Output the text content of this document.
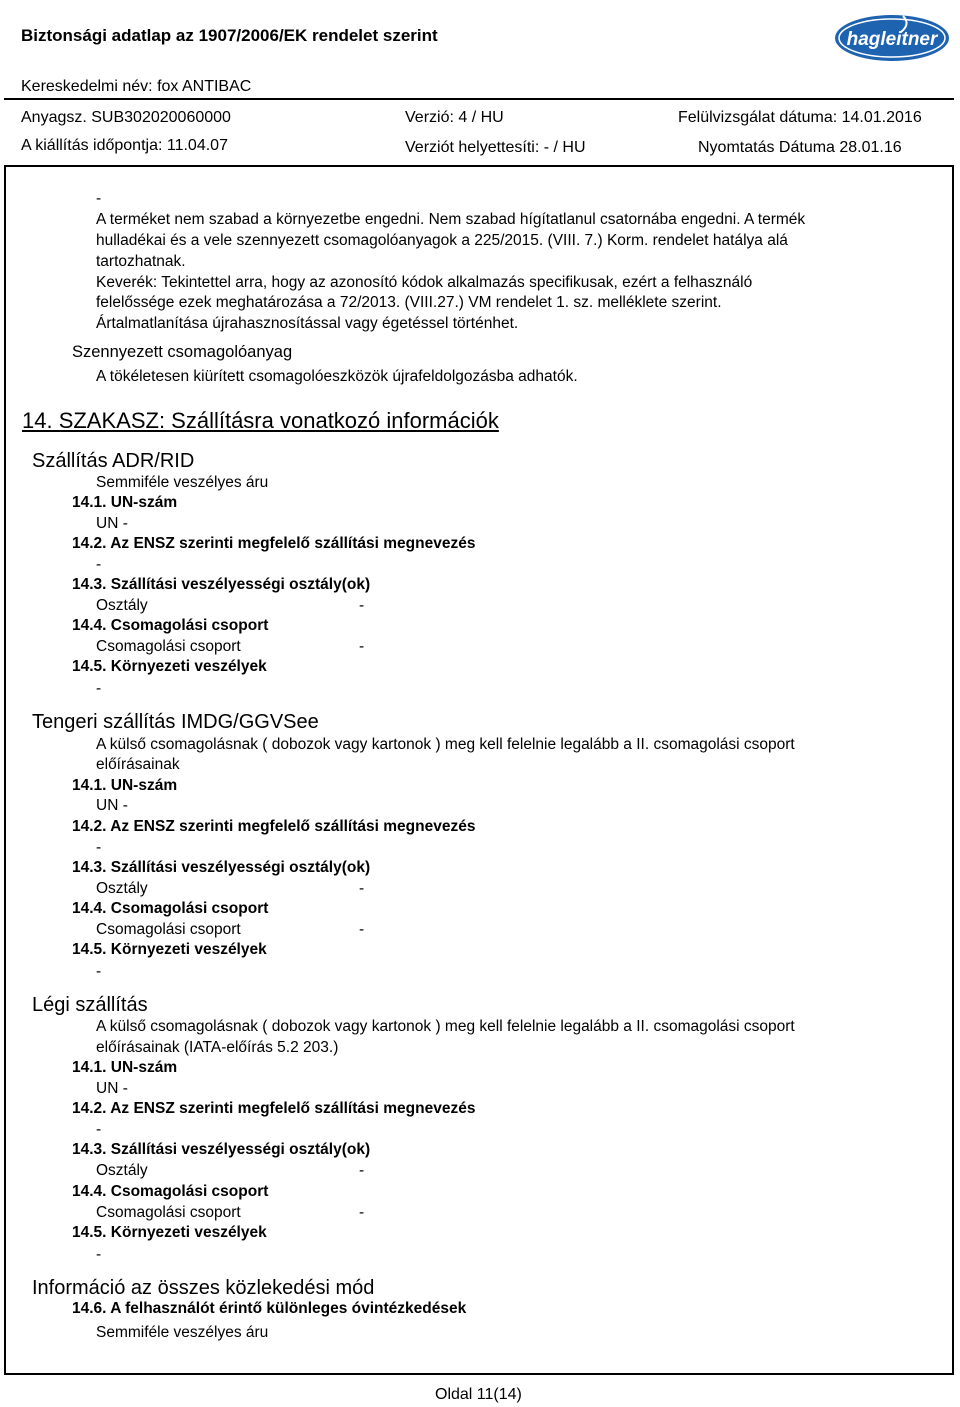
Biztonsági adatlap az 1907/2006/EK rendelet szerint	hagleitner
Kereskedelmi név: fox ANTIBAC
Anyagsz. SUB302020060000
A kiállítás időpontja: 11.04.07
Verzió: 4 / HU
Verziót helyettesíti: - / HU
Felülvizsgálat dátuma: 14.01.2016
Nyomtatás Dátuma 28.01.16
-
A terméket nem szabad a környezetbe engedni. Nem szabad hígítatlanul csatornába engedni. A termék
hulladékai és a vele szennyezett csomagolóanyagok a 225/2015. (VIII. 7.) Korm. rendelet hatálya alá
tartozhatnak.
Keverék: Tekintettel arra, hogy az azonosító kódok alkalmazás specifikusak, ezért a felhasználó
felelőssége ezek meghatározása a 72/2013. (VIII.27.) VM rendelet 1. sz. melléklete szerint.
Ártalmatlanítása újrahasznosítással vagy égetéssel történhet.
Szennyezett csomagolóanyag
A tökéletesen kiürített csomagolóeszközök újrafeldolgozásba adhatók.
14. SZAKASZ: Szállításra vonatkozó információk
Szállítás ADR/RID
Semmiféle veszélyes áru
14.1. UN-szám
UN -
14.2. Az ENSZ szerinti megfelelő szállítási megnevezés
-
14.3. Szállítási veszélyességi osztály(ok)
Osztály	-
14.4. Csomagolási csoport
Csomagolási csoport	-
14.5. Környezeti veszélyek
-
Tengeri szállítás IMDG/GGVSee
A külső csomagolásnak ( dobozok vagy kartonok ) meg kell felelnie legalább a II. csomagolási csoport
előírásainak
14.1. UN-szám
UN -
14.2. Az ENSZ szerinti megfelelő szállítási megnevezés
-
14.3. Szállítási veszélyességi osztály(ok)
Osztály	-
14.4. Csomagolási csoport
Csomagolási csoport	-
14.5. Környezeti veszélyek
-
Légi szállítás
A külső csomagolásnak ( dobozok vagy kartonok ) meg kell felelnie legalább a II. csomagolási csoport
előírásainak (IATA-előírás 5.2 203.)
14.1. UN-szám
UN -
14.2. Az ENSZ szerinti megfelelő szállítási megnevezés
-
14.3. Szállítási veszélyességi osztály(ok)
Osztály	-
14.4. Csomagolási csoport
Csomagolási csoport	-
14.5. Környezeti veszélyek
-
Információ az összes közlekedési mód
14.6. A felhasználót érintő különleges óvintézkedések
Semmiféle veszélyes áru
Oldal 11(14)
